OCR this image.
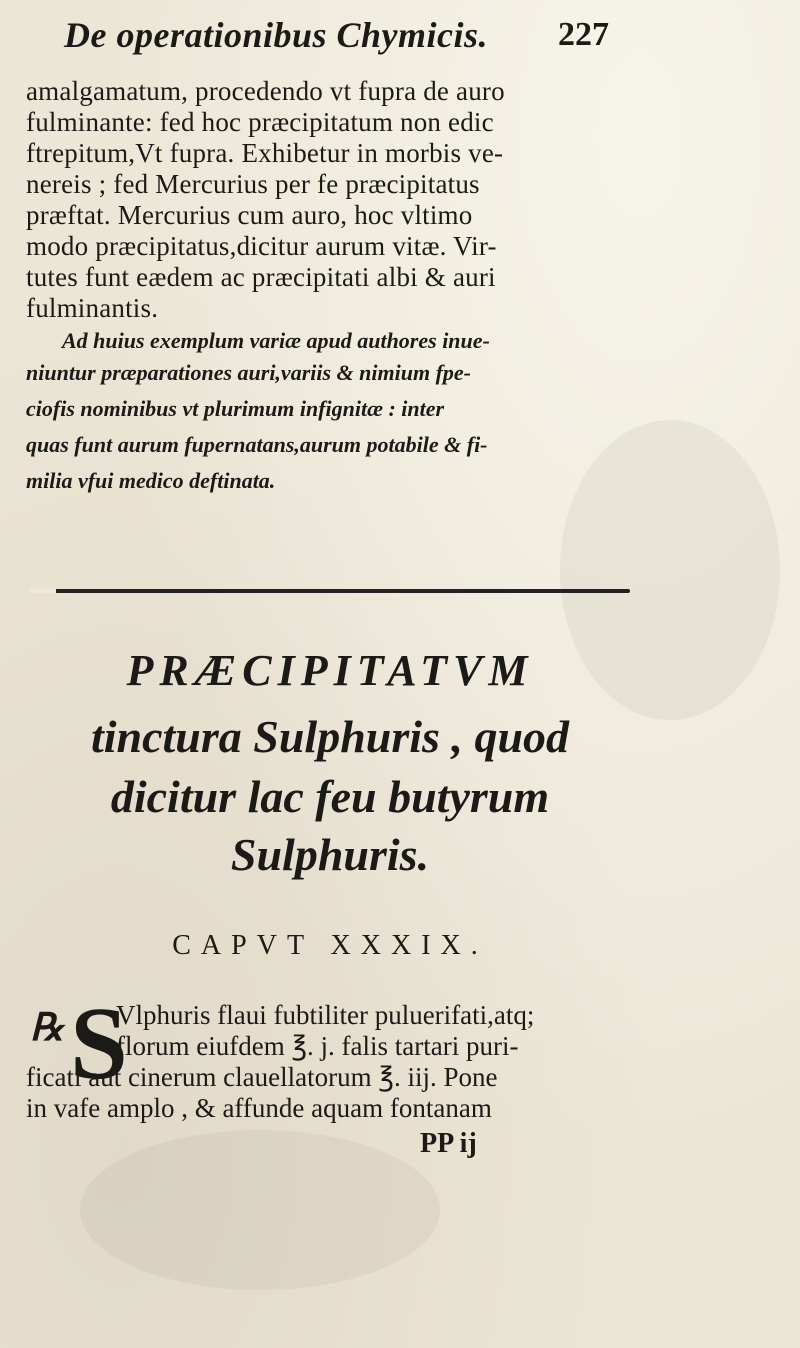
De operationibus Chymicis. 227
amalgamatum, procedendo vt fupra de auro
fulminante: fed hoc præcipitatum non edic
ftrepitum,Vt fupra. Exhibetur in morbis ve-
nereis ; fed Mercurius per fe præcipitatus
præftat. Mercurius cum auro, hoc vltimo
modo præcipitatus,dicitur aurum vitæ. Vir-
tutes funt eædem ac præcipitati albi & auri
fulminantis.
Ad huius exemplum variæ apud authores inue-
niuntur præparationes auri,variis & nimium fpe-
ciofis nominibus vt plurimum infignitæ : inter
quas funt aurum fupernatans,aurum potabile & fi-
milia vfui medico deftinata.
PRÆCIPITATVM
tinctura Sulphuris , quod
dicitur lac feu butyrum
Sulphuris.
CAPVT XXXIX.
℞ S
Vlphuris flaui fubtiliter puluerifati,atq;
florum eiufdem ℥. j. falis tartari puri-
ficati aut cinerum clauellatorum ℥. iij. Pone
in vafe amplo , & affunde aquam fontanam
PP ij
